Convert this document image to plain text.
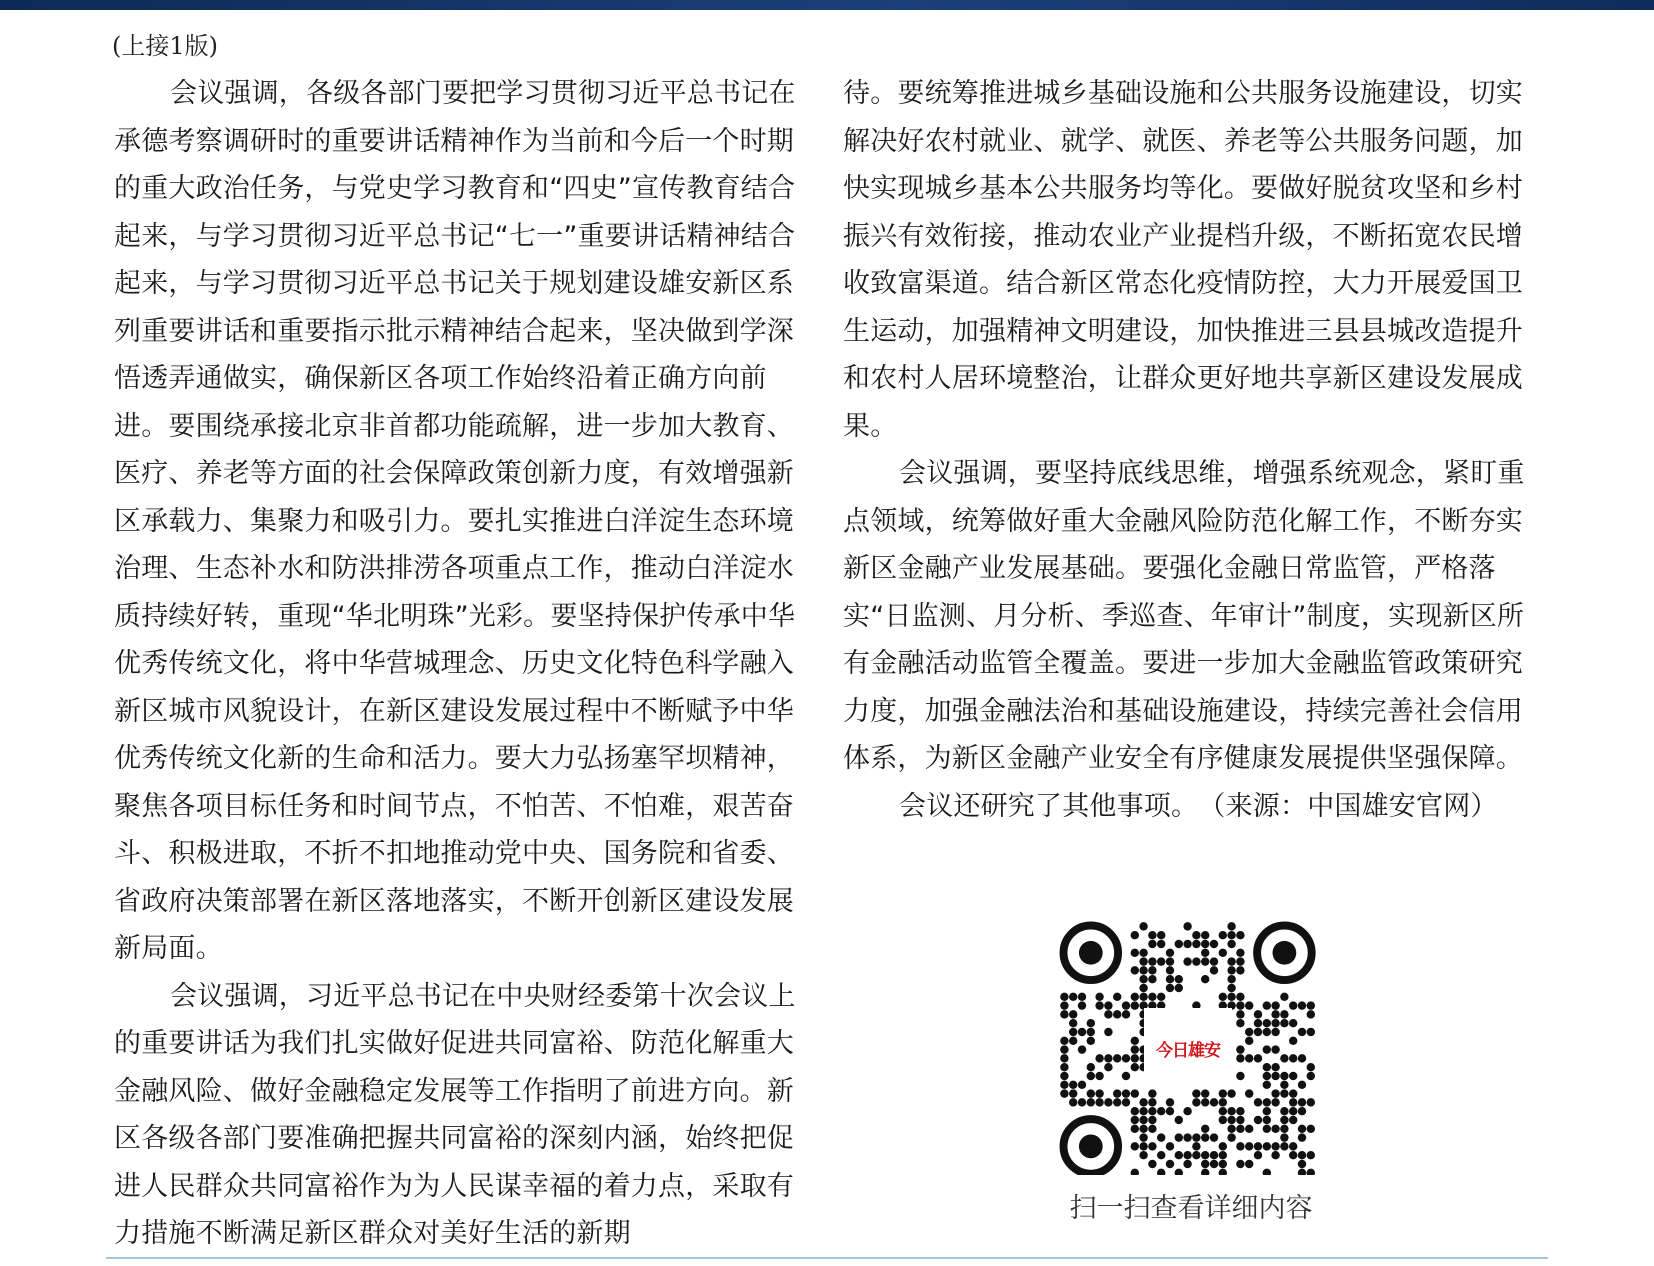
(上接1版)

会议强调，各级各部门要把学习贯彻习近平总书记在承德考察调研时的重要讲话精神作为当前和今后一个时期的重大政治任务，与党史学习教育和“四史”宣传教育结合起来，与学习贯彻习近平总书记“七一”重要讲话精神结合起来，与学习贯彻习近平总书记关于规划建设雄安新区系列重要讲话和重要指示批示精神结合起来，坚决做到学深悟透弄通做实，确保新区各项工作始终沿着正确方向前进。要围绕承接北京非首都功能疏解，进一步加大教育、医疗、养老等方面的社会保障政策创新力度，有效增强新区承载力、集聚力和吸引力。要扎实推进白洋淀生态环境治理、生态补水和防洪排涝各项重点工作，推动白洋淀水质持续好转，重现“华北明珠”光彩。要坚持保护传承中华优秀传统文化，将中华营城理念、历史文化特色科学融入新区城市风貌设计，在新区建设发展过程中不断赋予中华优秀传统文化新的生命和活力。要大力弘扬塞罕坝精神，聚焦各项目标任务和时间节点，不怕苦、不怕难，艰苦奋斗、积极进取，不折不扣地推动党中央、国务院和省委、省政府决策部署在新区落地落实，不断开创新区建设发展新局面。

会议强调，习近平总书记在中央财经委第十次会议上的重要讲话为我们扎实做好促进共同富裕、防范化解重大金融风险、做好金融稳定发展等工作指明了前进方向。新区各级各部门要准确把握共同富裕的深刻内涵，始终把促进人民群众共同富裕作为为人民谋幸福的着力点，采取有力措施不断满足新区群众对美好生活的新期

待。要统筹推进城乡基础设施和公共服务设施建设，切实解决好农村就业、就学、就医、养老等公共服务问题，加快实现城乡基本公共服务均等化。要做好脱贫攻坚和乡村振兴有效衔接，推动农业产业提档升级，不断拓宽农民增收致富渠道。结合新区常态化疫情防控，大力开展爱国卫生运动，加强精神文明建设，加快推进三县县城改造提升和农村人居环境整治，让群众更好地共享新区建设发展成果。

会议强调，要坚持底线思维，增强系统观念，紧盯重点领域，统筹做好重大金融风险防范化解工作，不断夯实新区金融产业发展基础。要强化金融日常监管，严格落实“日监测、月分析、季巡查、年审计”制度，实现新区所有金融活动监管全覆盖。要进一步加大金融监管政策研究力度，加强金融法治和基础设施建设，持续完善社会信用体系，为新区金融产业安全有序健康发展提供坚强保障。

会议还研究了其他事项。　（来源：中国雄安官网）

今日雄安
扫一扫查看详细内容
